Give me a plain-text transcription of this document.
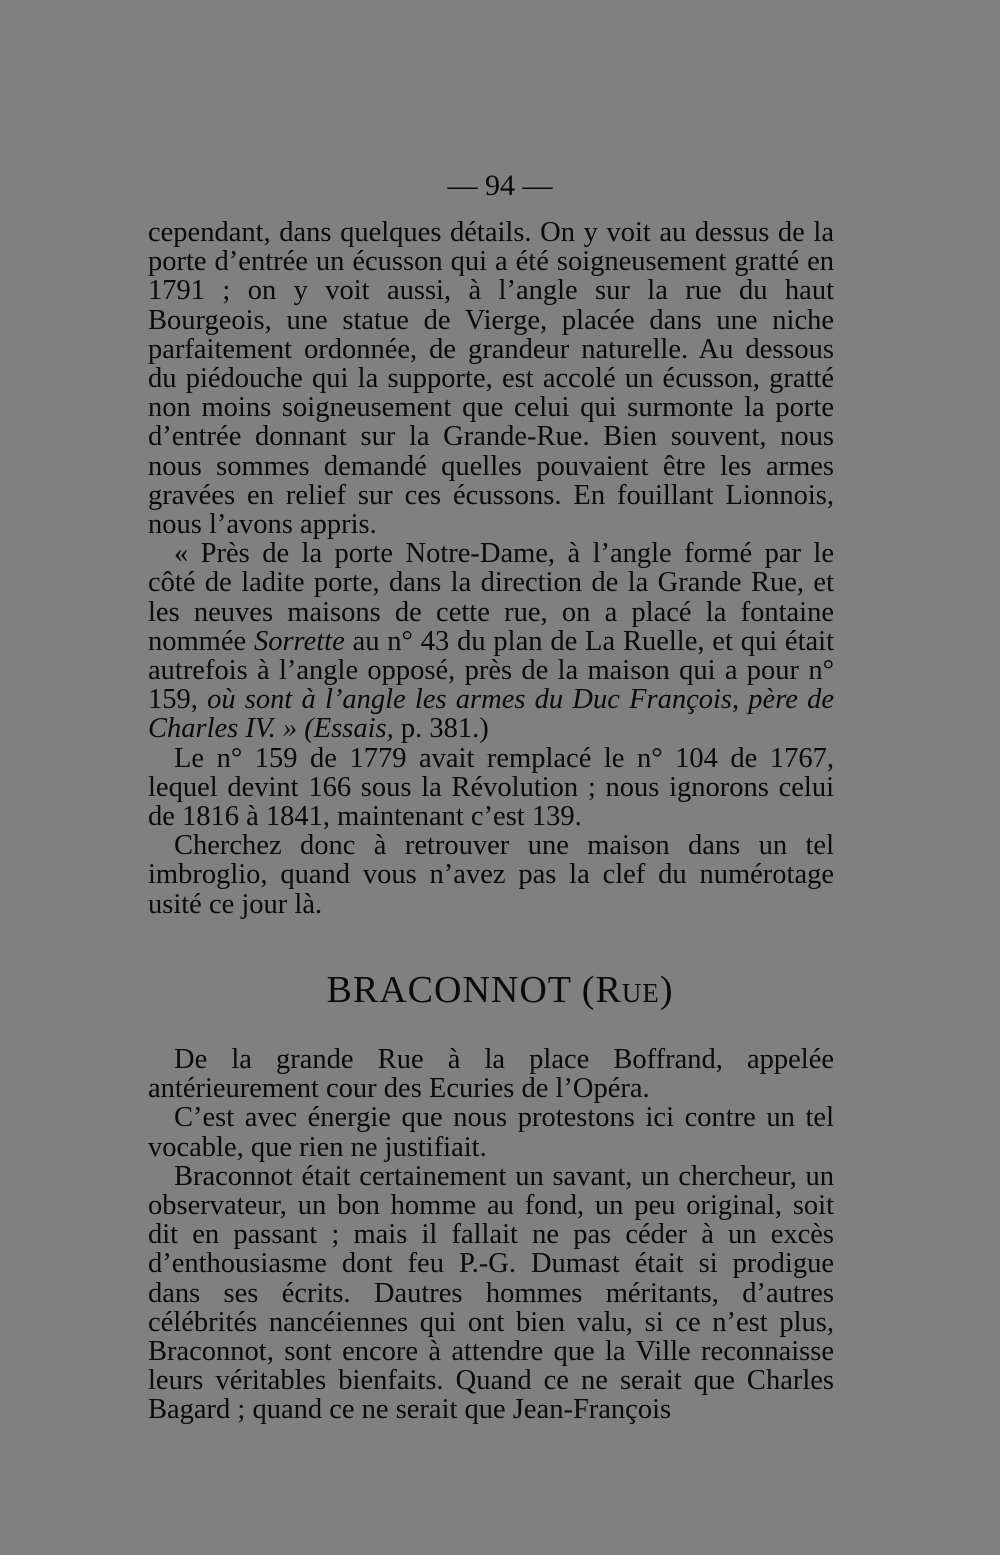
— 94 —

cependant, dans quelques détails. On y voit au dessus de la porte d’entrée un écusson qui a été soigneusement gratté en 1791 ; on y voit aussi, à l’angle sur la rue du haut Bourgeois, une statue de Vierge, placée dans une niche parfaitement ordonnée, de grandeur naturelle. Au dessous du piédouche qui la supporte, est accolé un écusson, gratté non moins soigneusement que celui qui surmonte la porte d’entrée donnant sur la Grande-Rue. Bien souvent, nous nous sommes demandé quelles pouvaient être les armes gravées en relief sur ces écussons. En fouillant Lionnois, nous l’avons appris.

« Près de la porte Notre-Dame, à l’angle formé par le côté de ladite porte, dans la direction de la Grande Rue, et les neuves maisons de cette rue, on a placé la fontaine nommée Sorrette au n° 43 du plan de La Ruelle, et qui était autrefois à l’angle opposé, près de la maison qui a pour n° 159, où sont à l’angle les armes du Duc François, père de Charles IV. » (Essais, p. 381.)

Le n° 159 de 1779 avait remplacé le n° 104 de 1767, lequel devint 166 sous la Révolution ; nous ignorons celui de 1816 à 1841, maintenant c’est 139.

Cherchez donc à retrouver une maison dans un tel imbroglio, quand vous n’avez pas la clef du numérotage usité ce jour là.

BRACONNOT (RUE)

De la grande Rue à la place Boffrand, appelée antérieurement cour des Ecuries de l’Opéra.

C’est avec énergie que nous protestons ici contre un tel vocable, que rien ne justifiait.

Braconnot était certainement un savant, un chercheur, un observateur, un bon homme au fond, un peu original, soit dit en passant ; mais il fallait ne pas céder à un excès d’enthousiasme dont feu P.-G. Dumast était si prodigue dans ses écrits. Dautres hommes méritants, d’autres célébrités nancéiennes qui ont bien valu, si ce n’est plus, Braconnot, sont encore à attendre que la Ville reconnaisse leurs véritables bienfaits. Quand ce ne serait que Charles Bagard ; quand ce ne serait que Jean-François
